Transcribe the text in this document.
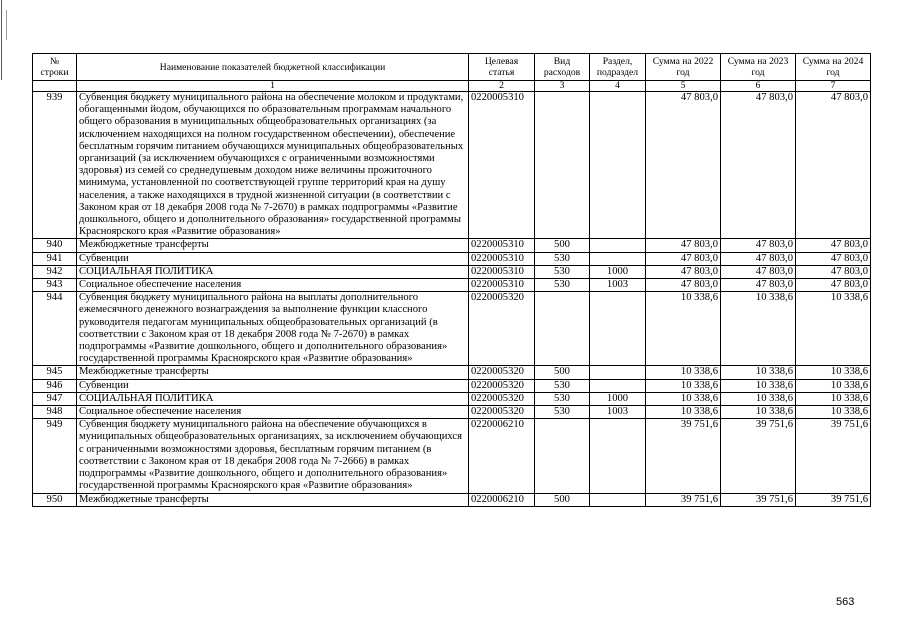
№ строки	Наименование показателей бюджетной классификации	Целевая статья	Вид расходов	Раздел, подраздел	Сумма на 2022 год	Сумма на 2023 год	Сумма на 2024 год
	1	2	3	4	5	6	7
939	Субвенция бюджету муниципального района на обеспечение молоком и продуктами, обогащенными йодом, обучающихся по образовательным программам начального общего образования в муниципальных общеобразовательных организациях (за исключением находящихся на полном государственном обеспечении), обеспечение бесплатным горячим питанием обучающихся муниципальных общеобразовательных организаций (за исключением обучающихся с ограниченными возможностями здоровья) из семей со среднедушевым доходом ниже величины прожиточного минимума, установленной по соответствующей группе территорий края на душу населения, а также находящихся в трудной жизненной ситуации (в соответствии с Законом края от 18 декабря 2008 года № 7-2670) в рамках подпрограммы «Развитие дошкольного, общего и дополнительного образования» государственной программы Красноярского края «Развитие образования»	0220005310			47 803,0	47 803,0	47 803,0
940	Межбюджетные трансферты	0220005310	500		47 803,0	47 803,0	47 803,0
941	Субвенции	0220005310	530		47 803,0	47 803,0	47 803,0
942	СОЦИАЛЬНАЯ ПОЛИТИКА	0220005310	530	1000	47 803,0	47 803,0	47 803,0
943	Социальное обеспечение населения	0220005310	530	1003	47 803,0	47 803,0	47 803,0
944	Субвенция бюджету муниципального района на выплаты дополнительного ежемесячного денежного вознаграждения за выполнение функции классного руководителя педагогам муниципальных общеобразовательных организаций (в соответствии с Законом края от 18 декабря 2008 года № 7-2670) в рамках подпрограммы «Развитие дошкольного, общего и дополнительного образования» государственной программы Красноярского края «Развитие образования»	0220005320			10 338,6	10 338,6	10 338,6
945	Межбюджетные трансферты	0220005320	500		10 338,6	10 338,6	10 338,6
946	Субвенции	0220005320	530		10 338,6	10 338,6	10 338,6
947	СОЦИАЛЬНАЯ ПОЛИТИКА	0220005320	530	1000	10 338,6	10 338,6	10 338,6
948	Социальное обеспечение населения	0220005320	530	1003	10 338,6	10 338,6	10 338,6
949	Субвенция бюджету муниципального района на обеспечение обучающихся в муниципальных общеобразовательных организациях, за исключением обучающихся с ограниченными возможностями здоровья, бесплатным горячим питанием (в соответствии с Законом края от 18 декабря 2008 года № 7-2666) в рамках подпрограммы «Развитие дошкольного, общего и дополнительного образования» государственной программы Красноярского края «Развитие образования»	0220006210			39 751,6	39 751,6	39 751,6
950	Межбюджетные трансферты	0220006210	500		39 751,6	39 751,6	39 751,6
563
